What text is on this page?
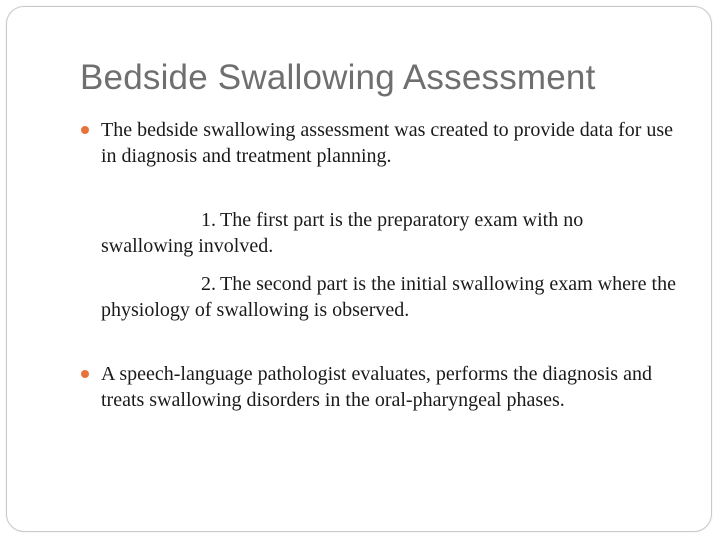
Bedside Swallowing Assessment
The bedside swallowing assessment was created to provide data for use in diagnosis and treatment planning.
1. The first part is the preparatory exam with no swallowing involved.
2. The second part is the initial swallowing exam where the physiology of swallowing is observed.
A speech-language pathologist evaluates, performs the diagnosis and treats swallowing disorders in the oral-pharyngeal phases.
